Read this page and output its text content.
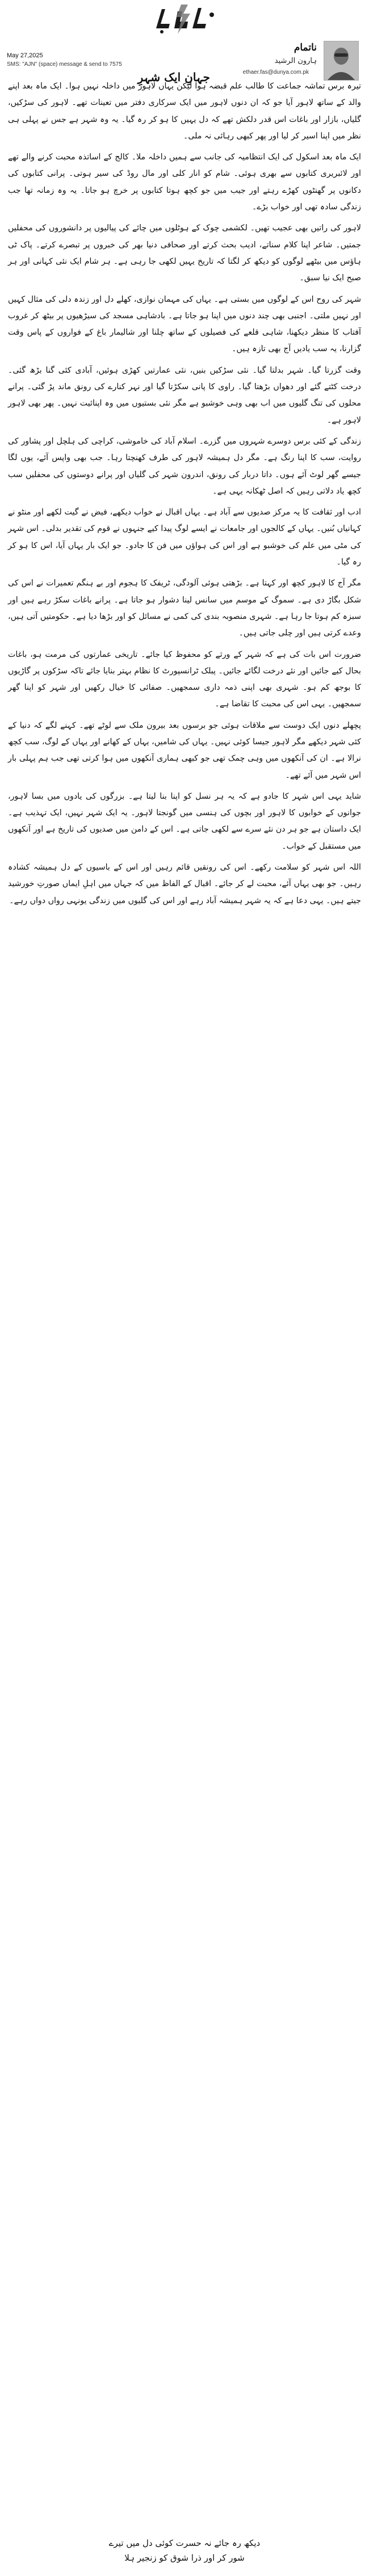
ناتمام
ہارون الرشید
ethaer.fas@dunya.com.pk
جہانِ ایک شہرِ
May 27,2025
SMS: "AJN" (space) message & send to 7575

تیرہ برس تماشہ جماعت کا طالب علم قبضہ ہوا لیکن یہاں لاہور میں داخلہ نہیں ہوا۔ ایک ماہ بعد اپنے والد کے ساتھ لاہور آیا جو کہ ان دنوں لاہور میں ایک سرکاری دفتر میں تعینات تھے۔ لاہور کی سڑکیں، گلیاں، بازار اور باغات اس قدر دلکش تھے کہ دل یہیں کا ہو کر رہ گیا۔ یہ وہ شہر ہے جس نے پہلی ہی نظر میں اپنا اسیر کر لیا اور پھر کبھی رہائی نہ ملی۔

ایک ماہ بعد اسکول کی ایک انتظامیہ کی جانب سے ہمیں داخلہ ملا۔ کالج کے اساتذہ محبت کرنے والے تھے اور لائبریری کتابوں سے بھری ہوئی۔ شام کو انار کلی اور مال روڈ کی سیر ہوتی۔ پرانی کتابوں کی دکانوں پر گھنٹوں کھڑے رہتے اور جیب میں جو کچھ ہوتا کتابوں پر خرچ ہو جاتا۔ یہ وہ زمانہ تھا جب زندگی سادہ تھی اور خواب بڑے۔

لاہور کی راتیں بھی عجیب تھیں۔ لکشمی چوک کے ہوٹلوں میں چائے کی پیالیوں پر دانشوروں کی محفلیں جمتیں۔ شاعر اپنا کلام سناتے، ادیب بحث کرتے اور صحافی دنیا بھر کی خبروں پر تبصرے کرتے۔ پاک ٹی ہاؤس میں بیٹھے لوگوں کو دیکھ کر لگتا کہ تاریخ یہیں لکھی جا رہی ہے۔ ہر شام ایک نئی کہانی اور ہر صبح ایک نیا سبق۔

شہر کی روح اس کے لوگوں میں بستی ہے۔ یہاں کی مہمان نوازی، کھلے دل اور زندہ دلی کی مثال کہیں اور نہیں ملتی۔ اجنبی بھی چند دنوں میں اپنا ہو جاتا ہے۔ بادشاہی مسجد کی سیڑھیوں پر بیٹھ کر غروب آفتاب کا منظر دیکھنا، شاہی قلعے کی فصیلوں کے ساتھ چلنا اور شالیمار باغ کے فواروں کے پاس وقت گزارنا، یہ سب یادیں آج بھی تازہ ہیں۔

وقت گزرتا گیا۔ شہر بدلتا گیا۔ نئی سڑکیں بنیں، نئی عمارتیں کھڑی ہوئیں، آبادی کئی گنا بڑھ گئی۔ درخت کٹتے گئے اور دھواں بڑھتا گیا۔ راوی کا پانی سکڑتا گیا اور نہر کنارے کی رونق ماند پڑ گئی۔ پرانے محلوں کی تنگ گلیوں میں اب بھی وہی خوشبو ہے مگر نئی بستیوں میں وہ اپنائیت نہیں۔ پھر بھی لاہور لاہور ہے۔

زندگی کے کئی برس دوسرے شہروں میں گزرے۔ اسلام آباد کی خاموشی، کراچی کی ہلچل اور پشاور کی روایت، سب کا اپنا رنگ ہے۔ مگر دل ہمیشہ لاہور کی طرف کھنچتا رہا۔ جب بھی واپس آئے، یوں لگا جیسے گھر لوٹ آئے ہوں۔ داتا دربار کی رونق، اندرون شہر کی گلیاں اور پرانے دوستوں کی محفلیں سب کچھ یاد دلاتی رہیں کہ اصل ٹھکانہ یہی ہے۔

ادب اور ثقافت کا یہ مرکز صدیوں سے آباد ہے۔ یہاں اقبال نے خواب دیکھے، فیض نے گیت لکھے اور منٹو نے کہانیاں بُنیں۔ یہاں کے کالجوں اور جامعات نے ایسے لوگ پیدا کیے جنہوں نے قوم کی تقدیر بدلی۔ اس شہر کی مٹی میں علم کی خوشبو ہے اور اس کی ہواؤں میں فن کا جادو۔ جو ایک بار یہاں آیا، اس کا ہو کر رہ گیا۔

مگر آج کا لاہور کچھ اور کہتا ہے۔ بڑھتی ہوئی آلودگی، ٹریفک کا ہجوم اور بے ہنگم تعمیرات نے اس کی شکل بگاڑ دی ہے۔ سموگ کے موسم میں سانس لینا دشوار ہو جاتا ہے۔ پرانے باغات سکڑ رہے ہیں اور سبزہ کم ہوتا جا رہا ہے۔ شہری منصوبہ بندی کی کمی نے مسائل کو اور بڑھا دیا ہے۔ حکومتیں آتی ہیں، وعدے کرتی ہیں اور چلی جاتی ہیں۔

ضرورت اس بات کی ہے کہ شہر کے ورثے کو محفوظ کیا جائے۔ تاریخی عمارتوں کی مرمت ہو، باغات بحال کیے جائیں اور نئے درخت لگائے جائیں۔ پبلک ٹرانسپورٹ کا نظام بہتر بنایا جائے تاکہ سڑکوں پر گاڑیوں کا بوجھ کم ہو۔ شہری بھی اپنی ذمہ داری سمجھیں۔ صفائی کا خیال رکھیں اور شہر کو اپنا گھر سمجھیں۔ یہی اس کی محبت کا تقاضا ہے۔

پچھلے دنوں ایک دوست سے ملاقات ہوئی جو برسوں بعد بیرون ملک سے لوٹے تھے۔ کہنے لگے کہ دنیا کے کئی شہر دیکھے مگر لاہور جیسا کوئی نہیں۔ یہاں کی شامیں، یہاں کے کھانے اور یہاں کے لوگ، سب کچھ نرالا ہے۔ ان کی آنکھوں میں وہی چمک تھی جو کبھی ہماری آنکھوں میں ہوا کرتی تھی جب ہم پہلی بار اس شہر میں آئے تھے۔

شاید یہی اس شہر کا جادو ہے کہ یہ ہر نسل کو اپنا بنا لیتا ہے۔ بزرگوں کی یادوں میں بسا لاہور، جوانوں کے خوابوں کا لاہور اور بچوں کی ہنسی میں گونجتا لاہور۔ یہ ایک شہر نہیں، ایک تہذیب ہے۔ ایک داستان ہے جو ہر دن نئے سرے سے لکھی جاتی ہے۔ اس کے دامن میں صدیوں کی تاریخ ہے اور آنکھوں میں مستقبل کے خواب۔

اللہ اس شہر کو سلامت رکھے۔ اس کی رونقیں قائم رہیں اور اس کے باسیوں کے دل ہمیشہ کشادہ رہیں۔ جو بھی یہاں آئے، محبت لے کر جائے۔ اقبال کے الفاظ میں کہ جہاں میں اہلِ ایماں صورتِ خورشید جیتے ہیں۔ یہی دعا ہے کہ یہ شہر ہمیشہ آباد رہے اور اس کی گلیوں میں زندگی یونہی رواں دواں رہے۔

دیکھ رہ جائے نہ حسرت کوئی دل میں تیرے
شور کر اور ذرا شوق کو زنجیر ہلا
